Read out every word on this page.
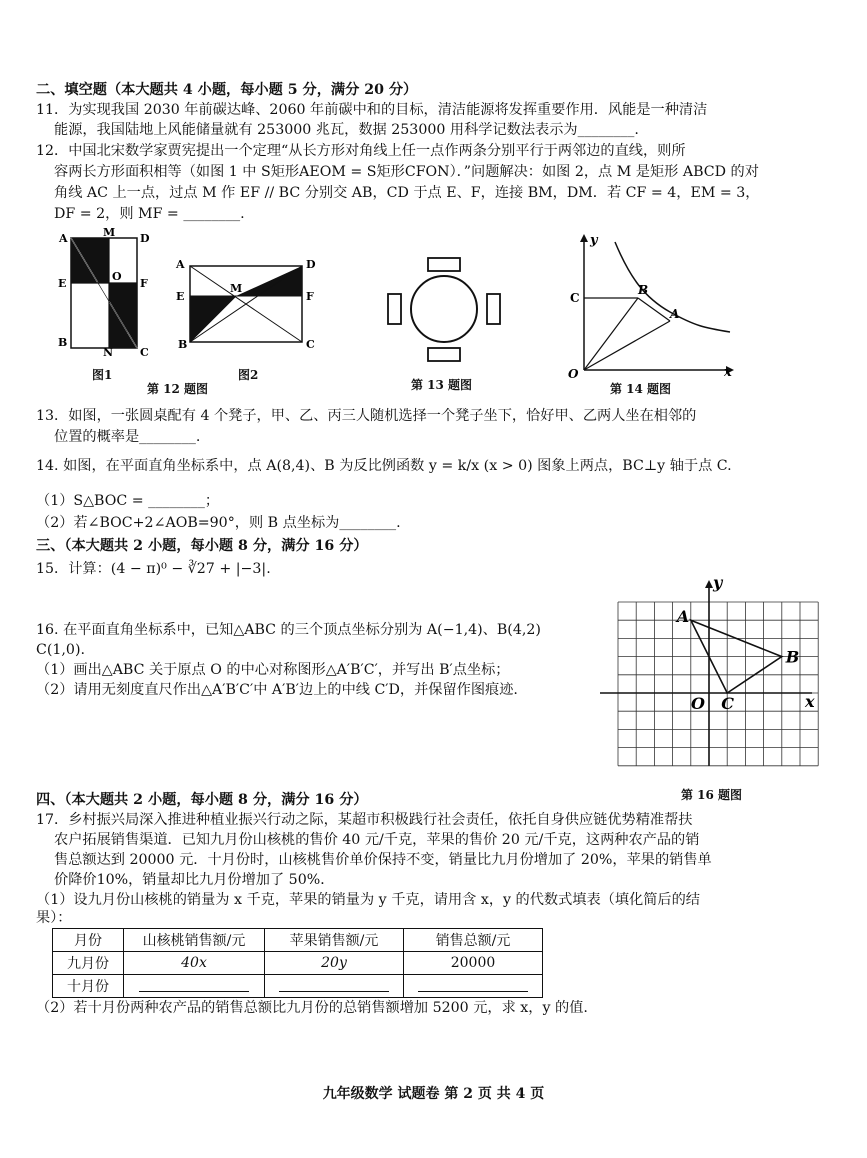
二、填空题（本大题共 4 小题，每小题 5 分，满分 20 分）
11．为实现我国 2030 年前碳达峰、2060 年前碳中和的目标，清洁能源将发挥重要作用．风能是一种清洁
能源，我国陆地上风能储量就有 253000 兆瓦，数据 253000 用科学记数法表示为________.
12．中国北宋数学家贾宪提出一个定理“从长方形对角线上任一点作两条分别平行于两邻边的直线，则所
容两长方形面积相等（如图 1 中 S矩形AEOM = S矩形CFON）．”问题解决：如图 2，点 M 是矩形 ABCD 的对
角线 AC 上一点，过点 M 作 EF // BC 分别交 AB，CD 于点 E、F，连接 BM，DM．若 CF = 4，EM = 3，
DF = 2，则 MF = ________.
A	M D
E
O
F
B
N C
图1
A	D
E
M
F
B	C
图2
第 12 题图	第 13 题图
y
C
B
A
O	x
第 14 题图
13．如图，一张圆桌配有 4 个凳子，甲、乙、丙三人随机选择一个凳子坐下，恰好甲、乙两人坐在相邻的
位置的概率是________.
14. 如图，在平面直角坐标系中，点 A(8,4)、B 为反比例函数 y = k/x (x > 0) 图象上两点，BC⊥y 轴于点 C.
（1）S△BOC = ________；
（2）若∠BOC+2∠AOB=90°，则 B 点坐标为________.
三、（本大题共 2 小题，每小题 8 分，满分 16 分）
15．计算：(4 − π)⁰ − ∛27 + |−3|.
16. 在平面直角坐标系中，已知△ABC 的三个顶点坐标分别为 A(−1,4)、B(4,2)
C(1,0).
（1）画出△ABC 关于原点 O 的中心对称图形△A′B′C′，并写出 B′点坐标；
（2）请用无刻度直尺作出△A′B′C′中 A′B′边上的中线 C′D，并保留作图痕迹.
y
A
B
O C	x
第 16 题图
四、（本大题共 2 小题，每小题 8 分，满分 16 分）
17．乡村振兴局深入推进种植业振兴行动之际，某超市积极践行社会责任，依托自身供应链优势精准帮扶
农户拓展销售渠道．已知九月份山核桃的售价 40 元/千克，苹果的售价 20 元/千克，这两种农产品的销
售总额达到 20000 元．十月份时，山核桃售价单价保持不变，销量比九月份增加了 20%，苹果的销售单
价降价10%，销量却比九月份增加了 50%．
（1）设九月份山核桃的销量为 x 千克，苹果的销量为 y 千克，请用含 x，y 的代数式填表（填化简后的结
果）：
月份	山核桃销售额/元	苹果销售额/元	销售总额/元
九月份	40x	20y	20000
十月份			
（2）若十月份两种农产品的销售总额比九月份的总销售额增加 5200 元，求 x，y 的值.
九年级数学 试题卷 第 2 页 共 4 页
